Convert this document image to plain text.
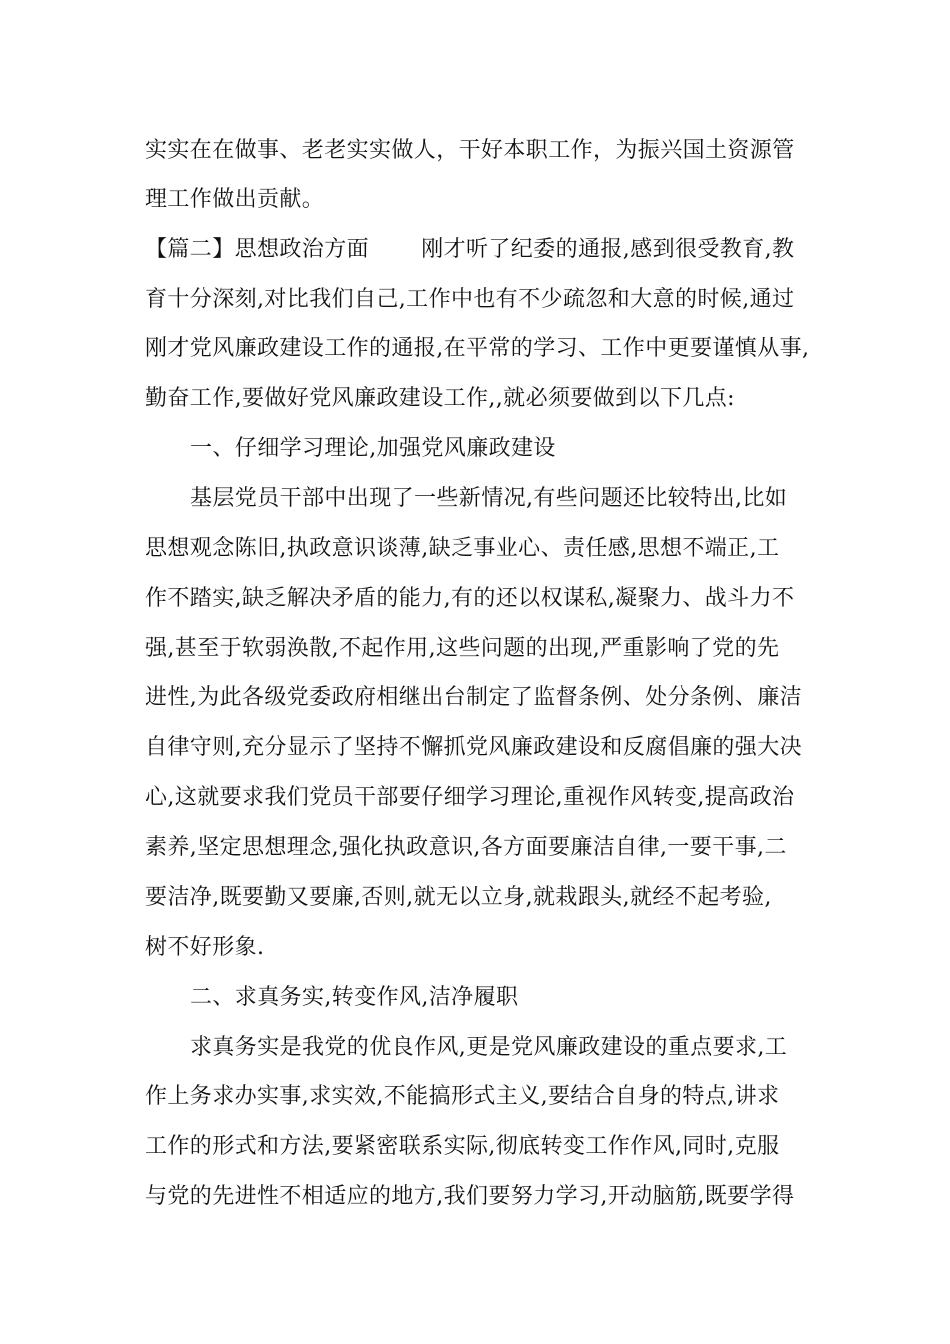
实实在在做事、老老实实做人，干好本职工作，为振兴国土资源管

理工作做出贡献。

【篇二】思想政治方面　　 刚才听了纪委的通报,感到很受教育,教

育十分深刻,对比我们自己,工作中也有不少疏忽和大意的时候,通过

刚才党风廉政建设工作的通报,在平常的学习、工作中更要谨慎从事,

勤奋工作,要做好党风廉政建设工作,,就必须要做到以下几点:

一、仔细学习理论,加强党风廉政建设

基层党员干部中出现了一些新情况,有些问题还比较特出,比如

思想观念陈旧,执政意识谈薄,缺乏事业心、责任感,思想不端正,工

作不踏实,缺乏解决矛盾的能力,有的还以权谋私,凝聚力、战斗力不

强,甚至于软弱涣散,不起作用,这些问题的出现,严重影响了党的先

进性,为此各级党委政府相继出台制定了监督条例、处分条例、廉洁

自律守则,充分显示了坚持不懈抓党风廉政建设和反腐倡廉的强大决

心,这就要求我们党员干部要仔细学习理论,重视作风转变,提高政治

素养,坚定思想理念,强化执政意识,各方面要廉洁自律,一要干事,二

要洁净,既要勤又要廉,否则,就无以立身,就栽跟头,就经不起考验,

树不好形象.

二、求真务实,转变作风,洁净履职

求真务实是我党的优良作风,更是党风廉政建设的重点要求,工

作上务求办实事,求实效,不能搞形式主义,要结合自身的特点,讲求

工作的形式和方法,要紧密联系实际,彻底转变工作作风,同时,克服

与党的先进性不相适应的地方,我们要努力学习,开动脑筋,既要学得
